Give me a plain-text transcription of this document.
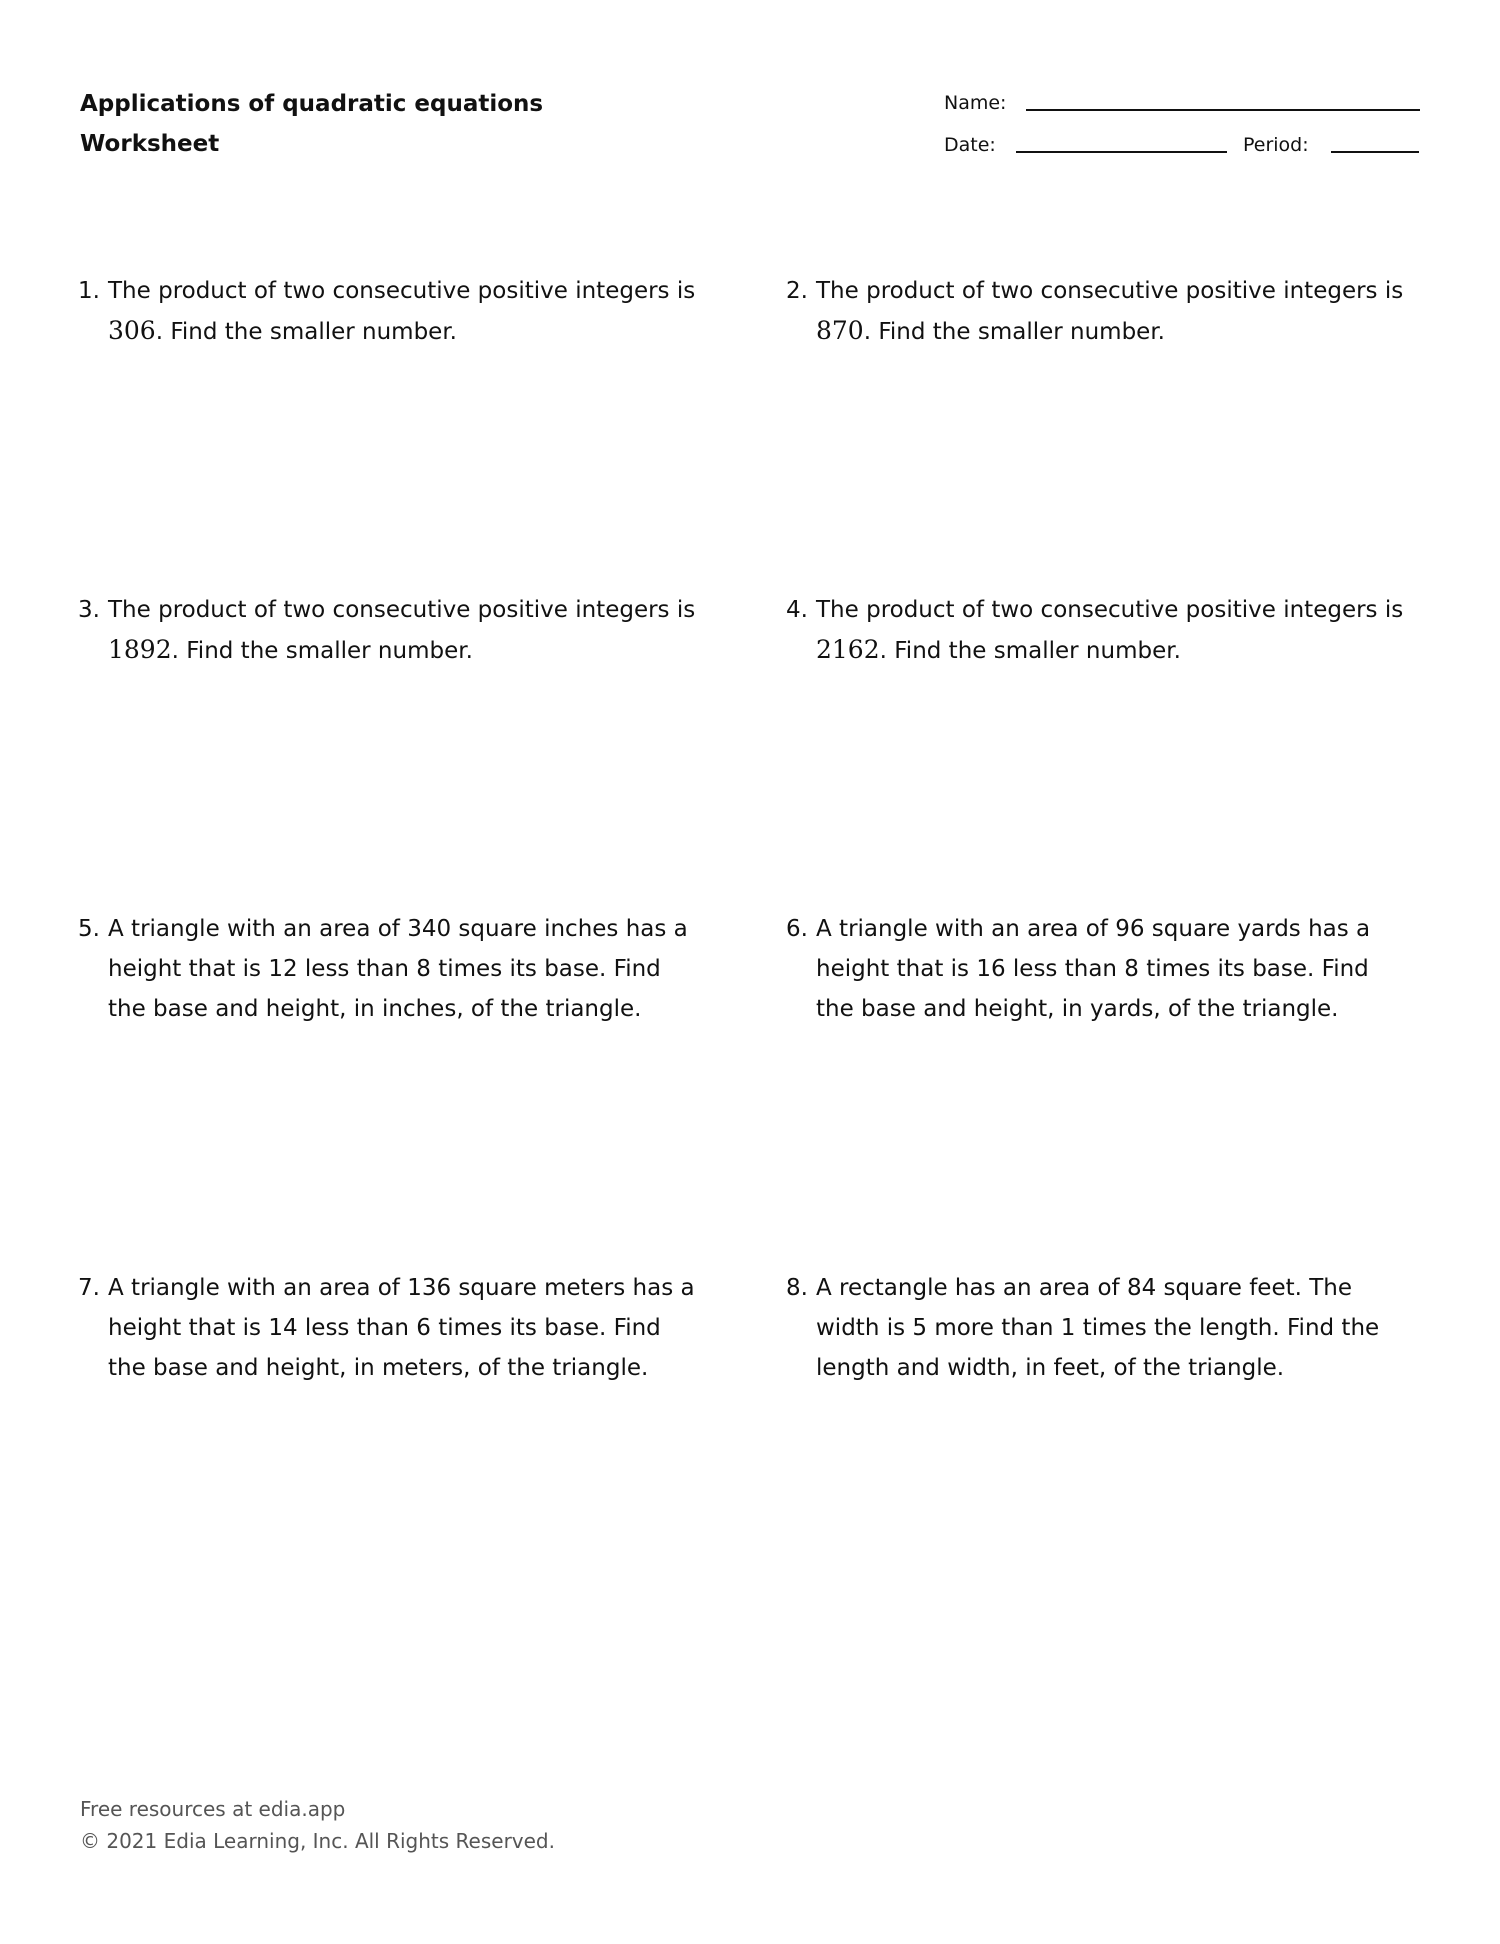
Applications of quadratic equations
Worksheet
Name:
Date:	Period:
1. The product of two consecutive positive integers is 306. Find the smaller number.
2. The product of two consecutive positive integers is 870. Find the smaller number.
3. The product of two consecutive positive integers is 1892. Find the smaller number.
4. The product of two consecutive positive integers is 2162. Find the smaller number.
5. A triangle with an area of 340 square inches has a height that is 12 less than 8 times its base. Find the base and height, in inches, of the triangle.
6. A triangle with an area of 96 square yards has a height that is 16 less than 8 times its base. Find the base and height, in yards, of the triangle.
7. A triangle with an area of 136 square meters has a height that is 14 less than 6 times its base. Find the base and height, in meters, of the triangle.
8. A rectangle has an area of 84 square feet. The width is 5 more than 1 times the length. Find the length and width, in feet, of the triangle.
Free resources at edia.app
© 2021 Edia Learning, Inc. All Rights Reserved.
